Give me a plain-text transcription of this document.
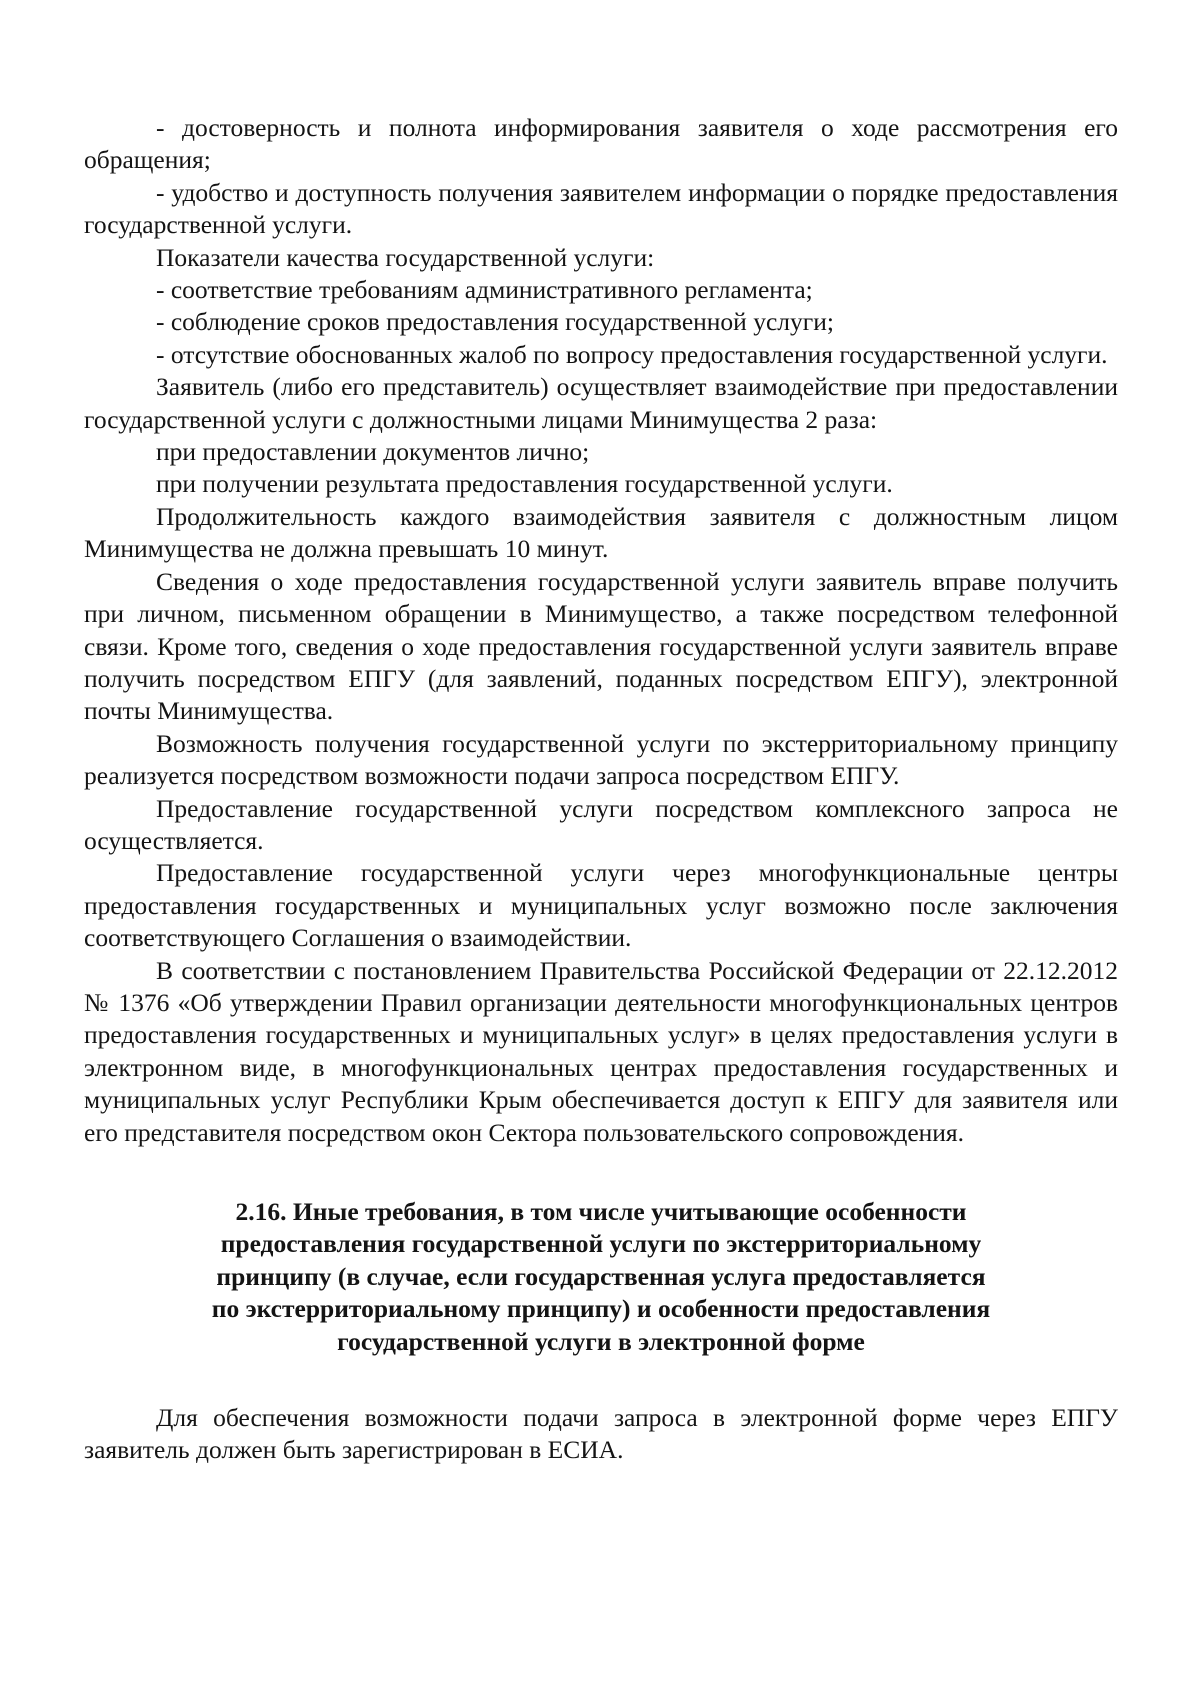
- достоверность и полнота информирования заявителя о ходе рассмотрения его обращения;

- удобство и доступность получения заявителем информации о порядке предоставления государственной услуги.

Показатели качества государственной услуги:

- соответствие требованиям административного регламента;

- соблюдение сроков предоставления государственной услуги;

- отсутствие обоснованных жалоб по вопросу предоставления государственной услуги.

Заявитель (либо его представитель) осуществляет взаимодействие при предоставлении государственной услуги с должностными лицами Минимущества 2 раза:

при предоставлении документов лично;

при получении результата предоставления государственной услуги.

Продолжительность каждого взаимодействия заявителя с должностным лицом Минимущества не должна превышать 10 минут.

Сведения о ходе предоставления государственной услуги заявитель вправе получить при личном, письменном обращении в Минимущество, а также посредством телефонной связи. Кроме того, сведения о ходе предоставления государственной услуги заявитель вправе получить посредством ЕПГУ (для заявлений, поданных посредством ЕПГУ), электронной почты Минимущества.

Возможность получения государственной услуги по экстерриториальному принципу реализуется посредством возможности подачи запроса посредством ЕПГУ.

Предоставление государственной услуги посредством комплексного запроса не осуществляется.

Предоставление государственной услуги через многофункциональные центры предоставления государственных и муниципальных услуг возможно после заключения соответствующего Соглашения о взаимодействии.

В соответствии с постановлением Правительства Российской Федерации от 22.12.2012 № 1376 «Об утверждении Правил организации деятельности многофункциональных центров предоставления государственных и муниципальных услуг» в целях предоставления услуги в электронном виде, в многофункциональных центрах предоставления государственных и муниципальных услуг Республики Крым обеспечивается доступ к ЕПГУ для заявителя или его представителя посредством окон Сектора пользовательского сопровождения.

2.16. Иные требования, в том числе учитывающие особенности
предоставления государственной услуги по экстерриториальному
принципу (в случае, если государственная услуга предоставляется
по экстерриториальному принципу) и особенности предоставления
государственной услуги в электронной форме

Для обеспечения возможности подачи запроса в электронной форме через ЕПГУ заявитель должен быть зарегистрирован в ЕСИА.
